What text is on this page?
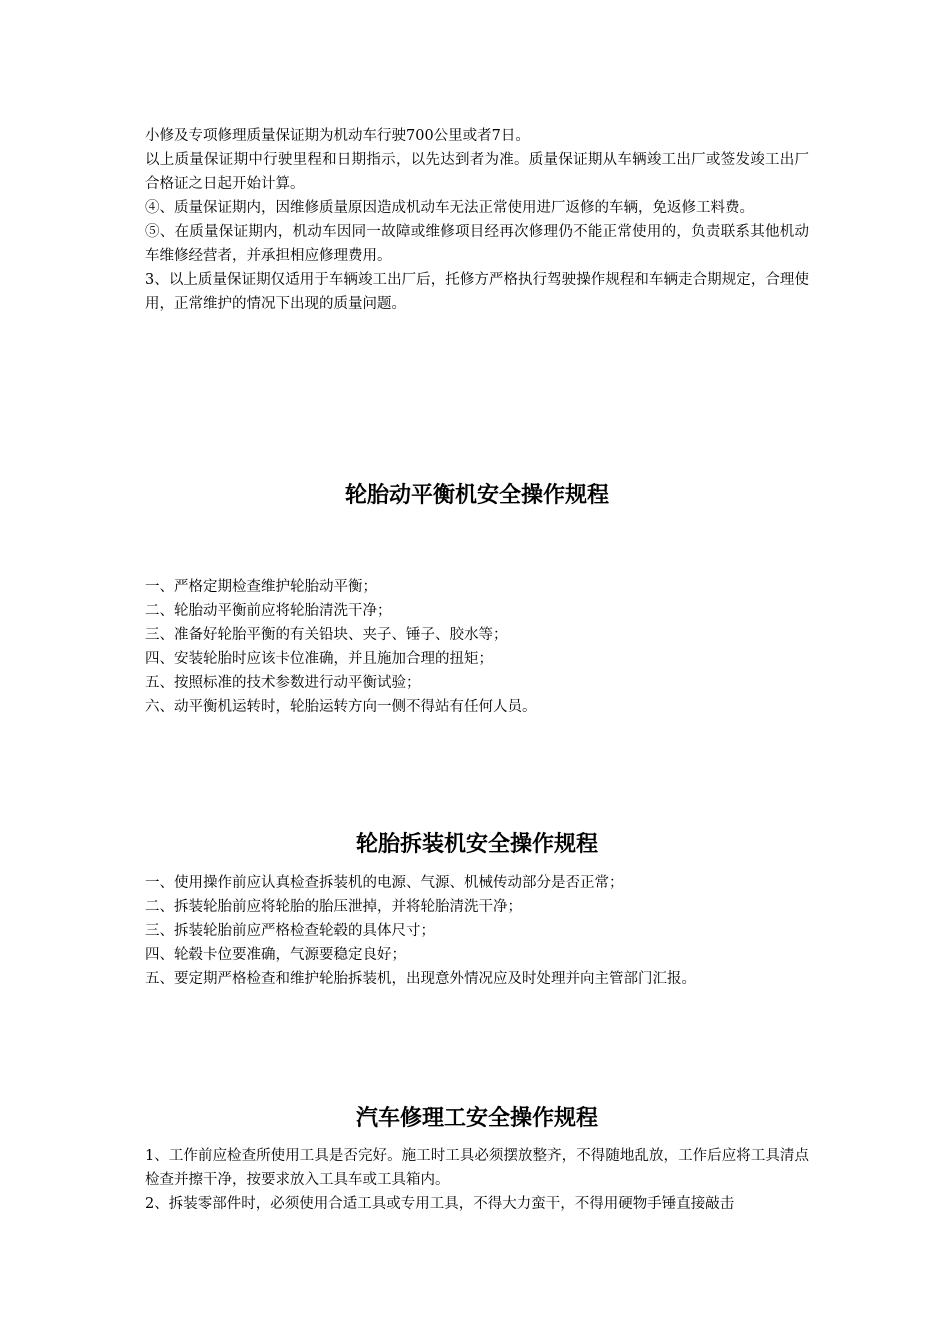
小修及专项修理质量保证期为机动车行驶700公里或者7日。

以上质量保证期中行驶里程和日期指示，以先达到者为准。质量保证期从车辆竣工出厂或签发竣工出厂合格证之日起开始计算。

④、质量保证期内，因维修质量原因造成机动车无法正常使用进厂返修的车辆，免返修工料费。

⑤、在质量保证期内，机动车因同一故障或维修项目经再次修理仍不能正常使用的，负责联系其他机动车维修经营者，并承担相应修理费用。

3、以上质量保证期仅适用于车辆竣工出厂后，托修方严格执行驾驶操作规程和车辆走合期规定，合理使用，正常维护的情况下出现的质量问题。

轮胎动平衡机安全操作规程

一、严格定期检查维护轮胎动平衡；

二、轮胎动平衡前应将轮胎清洗干净；

三、准备好轮胎平衡的有关铅块、夹子、锤子、胶水等；

四、安装轮胎时应该卡位准确，并且施加合理的扭矩；

五、按照标准的技术参数进行动平衡试验；

六、动平衡机运转时，轮胎运转方向一侧不得站有任何人员。

轮胎拆装机安全操作规程

一、使用操作前应认真检查拆装机的电源、气源、机械传动部分是否正常；

二、拆装轮胎前应将轮胎的胎压泄掉，并将轮胎清洗干净；

三、拆装轮胎前应严格检查轮毂的具体尺寸；

四、轮毂卡位要准确，气源要稳定良好；

五、要定期严格检查和维护轮胎拆装机，出现意外情况应及时处理并向主管部门汇报。

汽车修理工安全操作规程

1、工作前应检查所使用工具是否完好。施工时工具必须摆放整齐，不得随地乱放，工作后应将工具清点检查并擦干净，按要求放入工具车或工具箱内。

2、拆装零部件时，必须使用合适工具或专用工具，不得大力蛮干，不得用硬物手锤直接敲击
